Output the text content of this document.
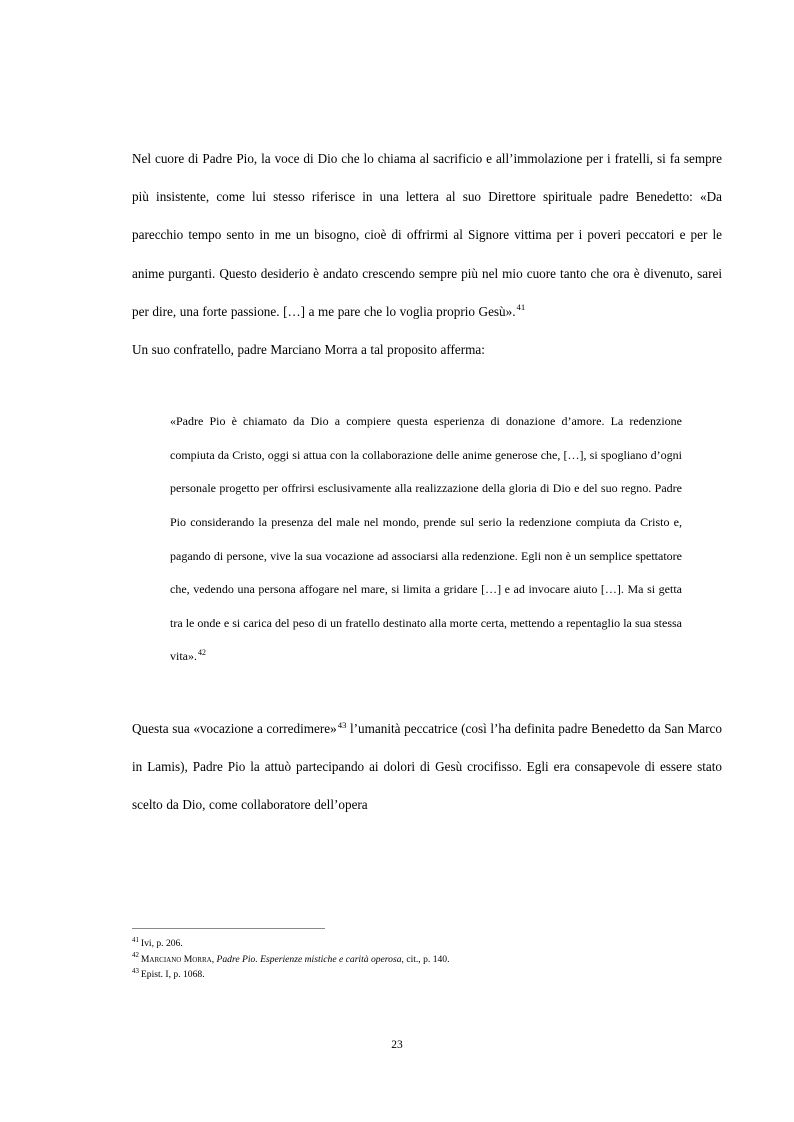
Nel cuore di Padre Pio, la voce di Dio che lo chiama al sacrificio e all’immolazione per i fratelli, si fa sempre più insistente, come lui stesso riferisce in una lettera al suo Direttore spirituale padre Benedetto: «Da parecchio tempo sento in me un bisogno, cioè di offrirmi al Signore vittima per i poveri peccatori e per le anime purganti. Questo desiderio è andato crescendo sempre più nel mio cuore tanto che ora è divenuto, sarei per dire, una forte passione. […] a me pare che lo voglia proprio Gesù».$^{41}$

Un suo confratello, padre Marciano Morra a tal proposito afferma:

«Padre Pio è chiamato da Dio a compiere questa esperienza di donazione d’amore. La redenzione compiuta da Cristo, oggi si attua con la collaborazione delle anime generose che, […], si spogliano d’ogni personale progetto per offrirsi esclusivamente alla realizzazione della gloria di Dio e del suo regno. Padre Pio considerando la presenza del male nel mondo, prende sul serio la redenzione compiuta da Cristo e, pagando di persone, vive la sua vocazione ad associarsi alla redenzione. Egli non è un semplice spettatore che, vedendo una persona affogare nel mare, si limita a gridare […] e ad invocare aiuto […]. Ma si getta tra le onde e si carica del peso di un fratello destinato alla morte certa, mettendo a repentaglio la sua stessa vita».$^{42}$

Questa sua «vocazione a corredimere»$^{43}$ l’umanità peccatrice (così l’ha definita padre Benedetto da San Marco in Lamis), Padre Pio la attuò partecipando ai dolori di Gesù crocifisso. Egli era consapevole di essere stato scelto da Dio, come collaboratore dell’opera

$^{41}$ Ivi, p. 206.

$^{42}$ Marciano Morra, Padre Pio. Esperienze mistiche e carità operosa, cit., p. 140.

$^{43}$ Epist. I, p. 1068.

23
